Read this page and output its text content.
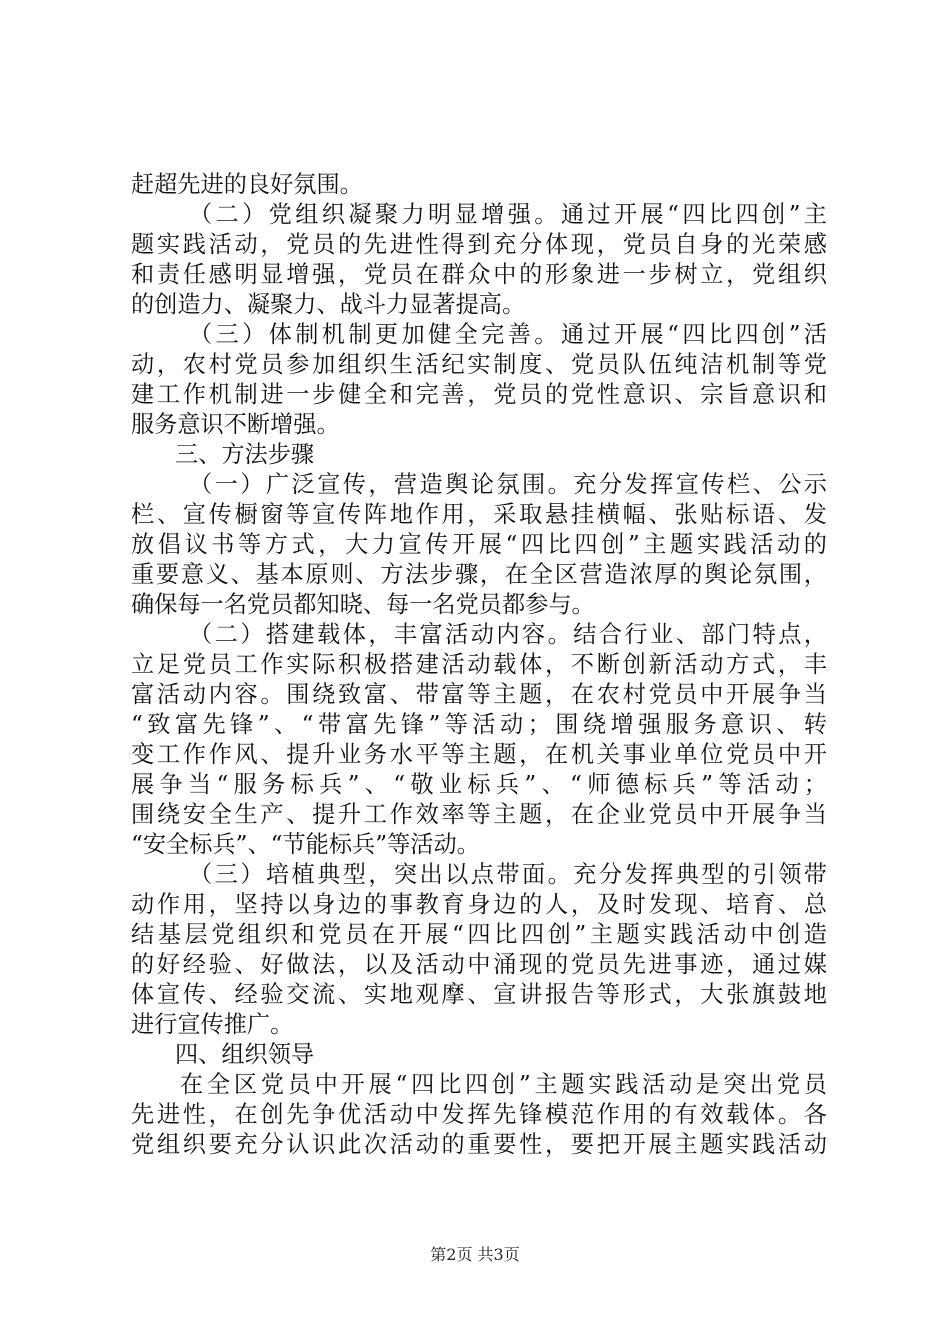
赶超先进的良好氛围。
（二）党组织凝聚力明显增强。通过开展“四比四创”主
题实践活动，党员的先进性得到充分体现，党员自身的光荣感
和责任感明显增强，党员在群众中的形象进一步树立，党组织
的创造力、凝聚力、战斗力显著提高。
（三）体制机制更加健全完善。通过开展“四比四创”活
动，农村党员参加组织生活纪实制度、党员队伍纯洁机制等党
建工作机制进一步健全和完善，党员的党性意识、宗旨意识和
服务意识不断增强。
三、方法步骤
（一）广泛宣传，营造舆论氛围。充分发挥宣传栏、公示
栏、宣传橱窗等宣传阵地作用，采取悬挂横幅、张贴标语、发
放倡议书等方式，大力宣传开展“四比四创”主题实践活动的
重要意义、基本原则、方法步骤，在全区营造浓厚的舆论氛围，
确保每一名党员都知晓、每一名党员都参与。
（二）搭建载体，丰富活动内容。结合行业、部门特点，
立足党员工作实际积极搭建活动载体，不断创新活动方式，丰
富活动内容。围绕致富、带富等主题，在农村党员中开展争当
“致富先锋”、“带富先锋”等活动；围绕增强服务意识、转
变工作作风、提升业务水平等主题，在机关事业单位党员中开
展争当“服务标兵”、“敬业标兵”、“师德标兵”等活动；
围绕安全生产、提升工作效率等主题，在企业党员中开展争当
“安全标兵”、“节能标兵”等活动。
（三）培植典型，突出以点带面。充分发挥典型的引领带
动作用，坚持以身边的事教育身边的人，及时发现、培育、总
结基层党组织和党员在开展“四比四创”主题实践活动中创造
的好经验、好做法，以及活动中涌现的党员先进事迹，通过媒
体宣传、经验交流、实地观摩、宣讲报告等形式，大张旗鼓地
进行宣传推广。
四、组织领导
在全区党员中开展“四比四创”主题实践活动是突出党员
先进性，在创先争优活动中发挥先锋模范作用的有效载体。各
党组织要充分认识此次活动的重要性，要把开展主题实践活动
第2页 共3页
